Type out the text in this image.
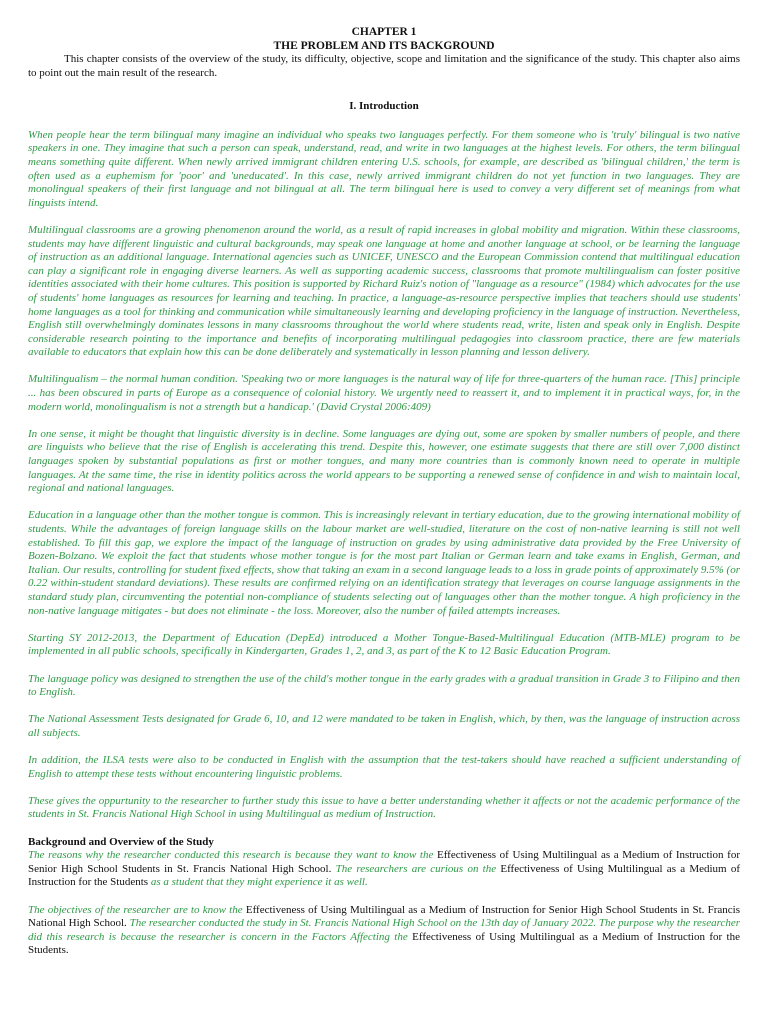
CHAPTER 1

THE PROBLEM AND ITS BACKGROUND

This chapter consists of the overview of the study, its difficulty, objective, scope and limitation and the significance of the study. This chapter also aims to point out the main result of the research.

I. Introduction

When people hear the term bilingual many imagine an individual who speaks two languages perfectly. For them someone who is 'truly' bilingual is two native speakers in one. They imagine that such a person can speak, understand, read, and write in two languages at the highest levels. For others, the term bilingual means something quite different. When newly arrived immigrant children entering U.S. schools, for example, are described as 'bilingual children,' the term is often used as a euphemism for 'poor' and 'uneducated'. In this case, newly arrived immigrant children do not yet function in two languages. They are monolingual speakers of their first language and not bilingual at all. The term bilingual here is used to convey a very different set of meanings from what linguists intend.

Multilingual classrooms are a growing phenomenon around the world, as a result of rapid increases in global mobility and migration. Within these classrooms, students may have different linguistic and cultural backgrounds, may speak one language at home and another language at school, or be learning the language of instruction as an additional language. International agencies such as UNICEF, UNESCO and the European Commission contend that multilingual education can play a significant role in engaging diverse learners. As well as supporting academic success, classrooms that promote multilingualism can foster positive identities associated with their home cultures. This position is supported by Richard Ruiz's notion of "language as a resource" (1984) which advocates for the use of students' home languages as resources for learning and teaching. In practice, a language-as-resource perspective implies that teachers should use students' home languages as a tool for thinking and communication while simultaneously learning and developing proficiency in the language of instruction. Nevertheless, English still overwhelmingly dominates lessons in many classrooms throughout the world where students read, write, listen and speak only in English. Despite considerable research pointing to the importance and benefits of incorporating multilingual pedagogies into classroom practice, there are few materials available to educators that explain how this can be done deliberately and systematically in lesson planning and lesson delivery.

Multilingualism – the normal human condition. 'Speaking two or more languages is the natural way of life for three-quarters of the human race. [This] principle ... has been obscured in parts of Europe as a consequence of colonial history. We urgently need to reassert it, and to implement it in practical ways, for, in the modern world, monolingualism is not a strength but a handicap.' (David Crystal 2006:409)

In one sense, it might be thought that linguistic diversity is in decline. Some languages are dying out, some are spoken by smaller numbers of people, and there are linguists who believe that the rise of English is accelerating this trend. Despite this, however, one estimate suggests that there are still over 7,000 distinct languages spoken by substantial populations as first or mother tongues, and many more countries than is commonly known need to operate in multiple languages. At the same time, the rise in identity politics across the world appears to be supporting a renewed sense of confidence in and wish to maintain local, regional and national languages.

Education in a language other than the mother tongue is common. This is increasingly relevant in tertiary education, due to the growing international mobility of students. While the advantages of foreign language skills on the labour market are well-studied, literature on the cost of non-native learning is still not well established. To fill this gap, we explore the impact of the language of instruction on grades by using administrative data provided by the Free University of Bozen-Bolzano. We exploit the fact that students whose mother tongue is for the most part Italian or German learn and take exams in English, German, and Italian. Our results, controlling for student fixed effects, show that taking an exam in a second language leads to a loss in grade points of approximately 9.5% (or 0.22 within-student standard deviations). These results are confirmed relying on an identification strategy that leverages on course language assignments in the standard study plan, circumventing the potential non-compliance of students selecting out of languages other than the mother tongue. A high proficiency in the non-native language mitigates - but does not eliminate - the loss. Moreover, also the number of failed attempts increases.

Starting SY 2012-2013, the Department of Education (DepEd) introduced a Mother Tongue-Based-Multilingual Education (MTB-MLE) program to be implemented in all public schools, specifically in Kindergarten, Grades 1, 2, and 3, as part of the K to 12 Basic Education Program.

The language policy was designed to strengthen the use of the child's mother tongue in the early grades with a gradual transition in Grade 3 to Filipino and then to English.

The National Assessment Tests designated for Grade 6, 10, and 12 were mandated to be taken in English, which, by then, was the language of instruction across all subjects.

In addition, the ILSA tests were also to be conducted in English with the assumption that the test-takers should have reached a sufficient understanding of English to attempt these tests without encountering linguistic problems.

These gives the oppurtunity to the researcher to further study this issue to have a better understanding whether it affects or not the academic performance of the students in St. Francis National High School in using Multilingual as medium of Instruction.

Background and Overview of the Study

The reasons why the researcher conducted this research is because they want to know the Effectiveness of Using Multilingual as a Medium of Instruction for Senior High School Students in St. Francis National High School. The researchers are curious on the Effectiveness of Using Multilingual as a Medium of Instruction for the Students as a student that they might experience it as well.

The objectives of the researcher are to know the Effectiveness of Using Multilingual as a Medium of Instruction for Senior High School Students in St. Francis National High School. The researcher conducted the study in St. Francis National High School on the 13th day of January 2022. The purpose why the researcher did this research is because the researcher is concern in the Factors Affecting the Effectiveness of Using Multilingual as a Medium of Instruction for the Students.
